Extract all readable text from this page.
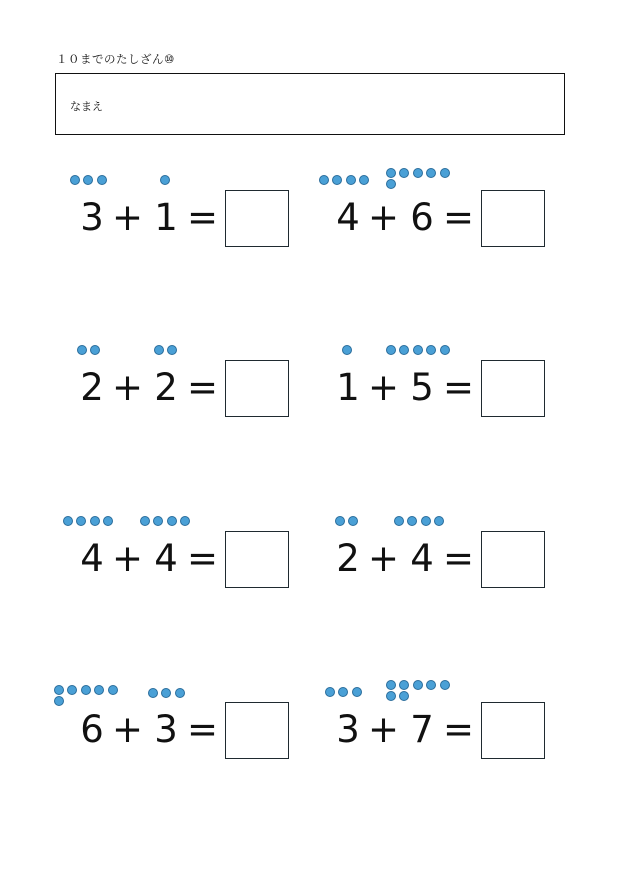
１０までのたしざん⑩
なまえ
3 + 1 =	4 + 6 =
2 + 2 =	1 + 5 =
4 + 4 =	2 + 4 =
6 + 3 =	3 + 7 =
